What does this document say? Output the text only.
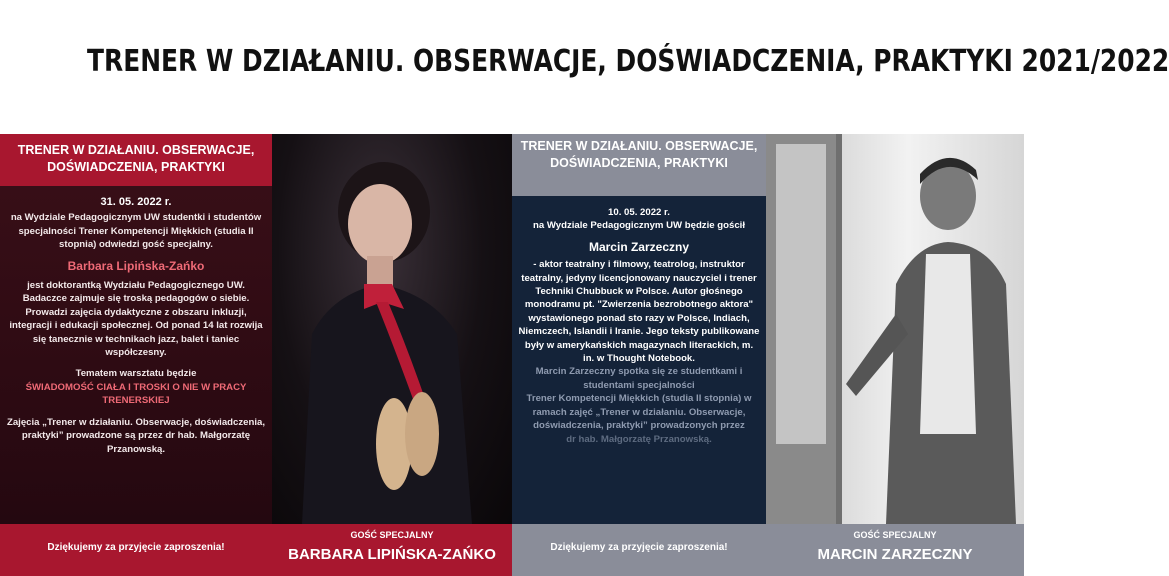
TRENER W DZIAŁANIU. OBSERWACJE, DOŚWIADCZENIA, PRAKTYKI 2021/2022
TRENER W DZIAŁANIU. OBSERWACJE, DOŚWIADCZENIA, PRAKTYKI

31. 05. 2022 r.

na Wydziale Pedagogicznym UW studentki i studentów specjalności Trener Kompetencji Miękkich (studia II stopnia) odwiedzi gość specjalny.

Barbara Lipińska-Zańko

jest doktorantką Wydziału Pedagogicznego UW. Badaczce zajmuje się troską pedagogów o siebie. Prowadzi zajęcia dydaktyczne z obszaru inkluzji, integracji i edukacji społecznej. Od ponad 14 lat rozwija się tanecznie w technikach jazz, balet i taniec współczesny.

Tematem warsztatu będzie

ŚWIADOMOŚĆ CIAŁA I TROSKI O NIE W PRACY TRENERSKIEJ

Zajęcia „Trener w działaniu. Obserwacje, doświadczenia, praktyki” prowadzone są przez dr hab. Małgorzatę Przanowską.

Dziękujemy za przyjęcie zaproszenia!
GOŚĆ SPECJALNY
BARBARA LIPIŃSKA-ZAŃKO
TRENER W DZIAŁANIU. OBSERWACJE, DOŚWIADCZENIA, PRAKTYKI

10. 05. 2022 r.

na Wydziale Pedagogicznym UW będzie gościł

Marcin Zarzeczny

- aktor teatralny i filmowy, teatrolog, instruktor teatralny, jedyny licencjonowany nauczyciel i trener Techniki Chubbuck w Polsce. Autor głośnego monodramu pt. "Zwierzenia bezrobotnego aktora" wystawionego ponad sto razy w Polsce, Indiach, Niemczech, Islandii i Iranie. Jego teksty publikowane były w amerykańskich magazynach literackich, m. in. w Thought Notebook.

Marcin Zarzeczny spotka się ze studentkami i studentami specjalności

Trener Kompetencji Miękkich (studia II stopnia) w ramach zajęć „Trener w działaniu. Obserwacje, doświadczenia, praktyki” prowadzonych przez

dr hab. Małgorzatę Przanowską.

Dziękujemy za przyjęcie zaproszenia!
GOŚĆ SPECJALNY
MARCIN ZARZECZNY
